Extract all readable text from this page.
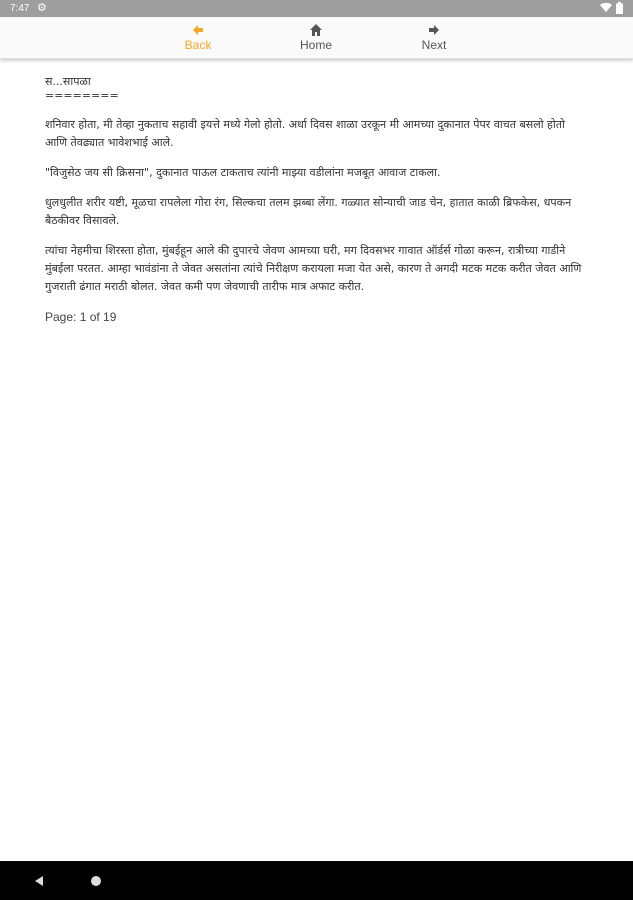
7:47 ⚙
Back	Home	Next
स...सापळा
========

शनिवार होता, मी तेव्हा नुकताच सहावी इयत्ते मध्ये गेलो होतो. अर्धा दिवस शाळा उरकून मी आमच्या दुकानात पेपर वाचत बसलो होतो आणि तेवढ्यात भावेशभाई आले.

"विजुसेठ जय सी क्रिसना", दुकानात पाऊल टाकताच त्यांनी माझ्या वडीलांना मजबूत आवाज टाकला.

धुलधुलीत शरीर यष्टी, मूळचा रापलेला गोरा रंग, सिल्कचा तलम झब्बा लेंगा. गळ्यात सोन्याची जाड चेन, हातात काळी ब्रिफकेस, धपकन बैठकीवर विसावले.

त्यांचा नेहमीचा शिरस्ता होता, मुंबईहून आले की दुपारचे जेवण आमच्या घरी, मग दिवसभर गावात ऑर्डर्स गोळा करून, रात्रीच्या गाडीने मुंबईला परतत. आम्हा भावंडांना ते जेवत असतांना त्यांचे निरीक्षण करायला मजा येत असे, कारण ते अगदी मटक मटक करीत जेवत आणि गुजराती ढंगात मराठी बोलत. जेवत कमी पण जेवणाची तारीफ मात्र अफाट करीत.

Page: 1 of 19
